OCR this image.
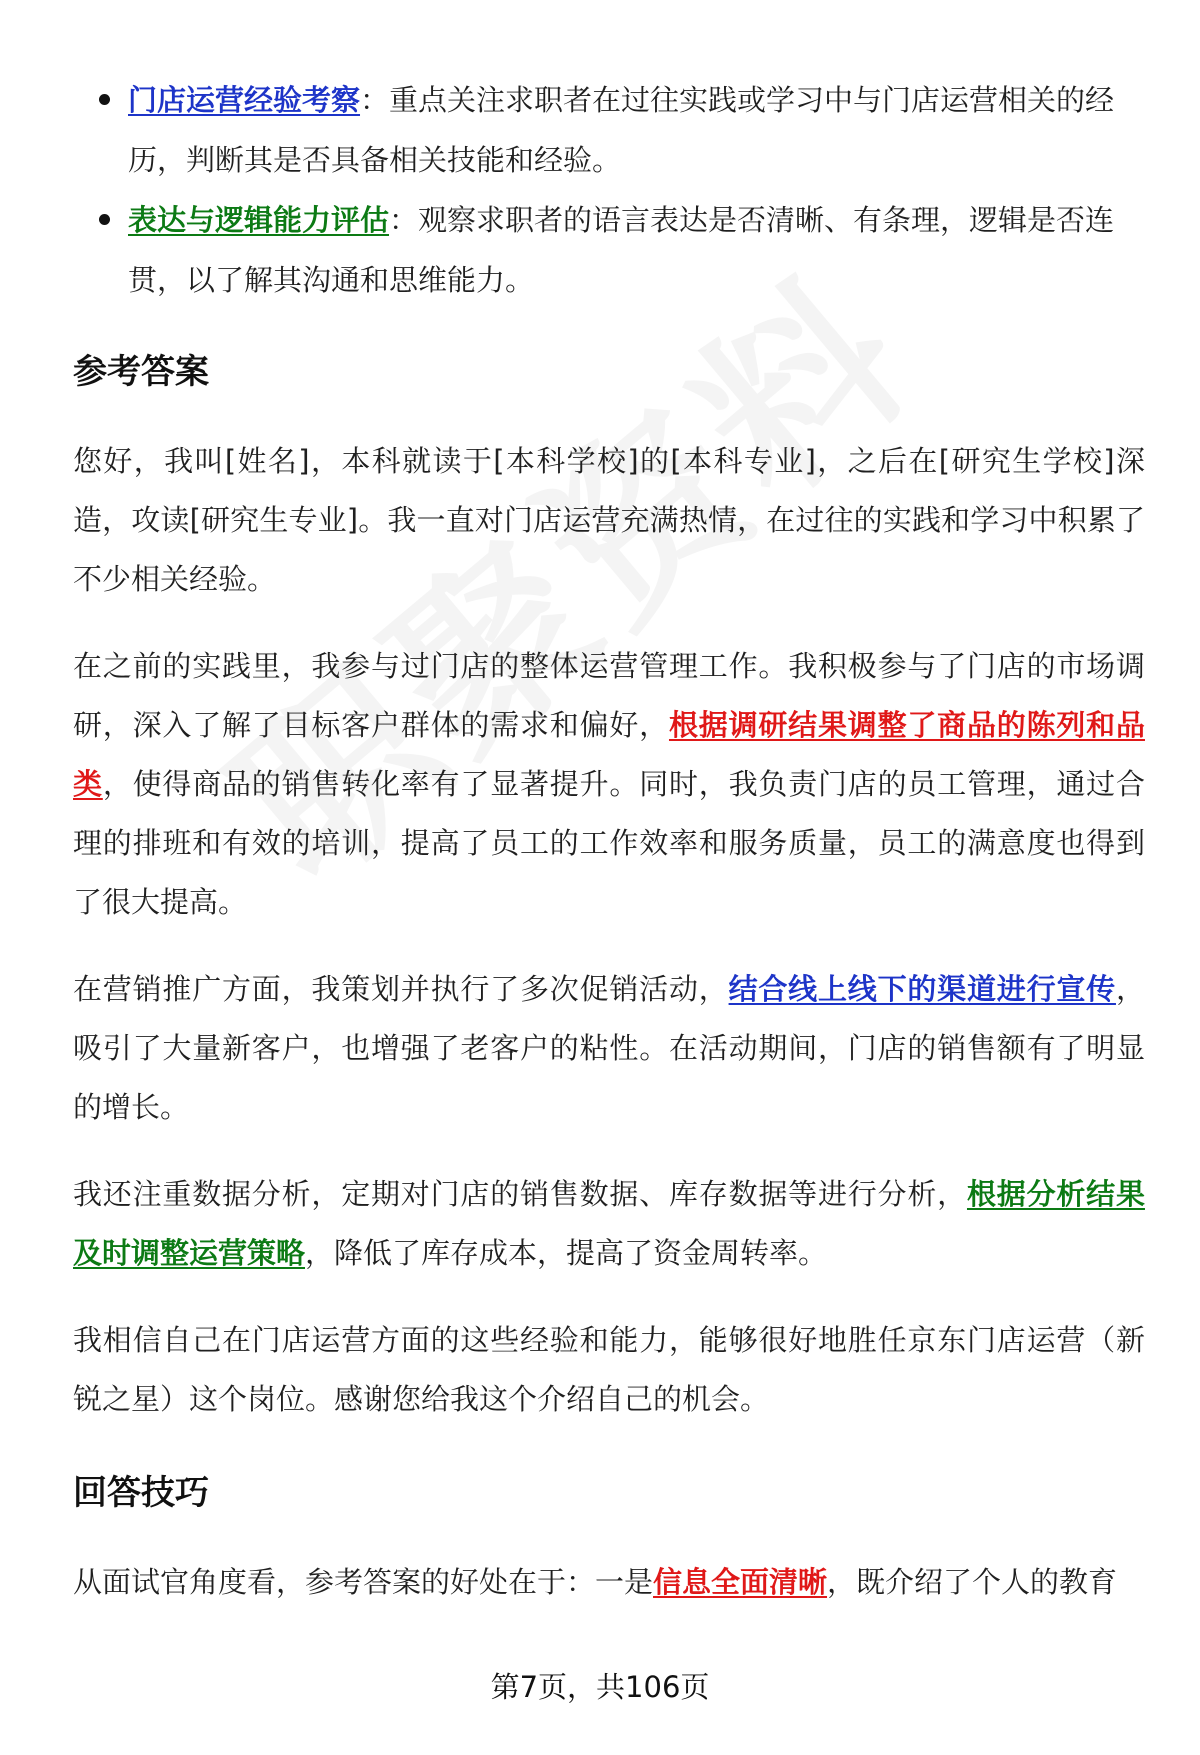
门店运营经验考察：重点关注求职者在过往实践或学习中与门店运营相关的经历，判断其是否具备相关技能和经验。
表达与逻辑能力评估：观察求职者的语言表达是否清晰、有条理，逻辑是否连贯，以了解其沟通和思维能力。
参考答案

您好，我叫[姓名]，本科就读于[本科学校]的[本科专业]，之后在[研究生学校]深造，攻读[研究生专业]。我一直对门店运营充满热情，在过往的实践和学习中积累了不少相关经验。

在之前的实践里，我参与过门店的整体运营管理工作。我积极参与了门店的市场调研，深入了解了目标客户群体的需求和偏好，根据调研结果调整了商品的陈列和品类，使得商品的销售转化率有了显著提升。同时，我负责门店的员工管理，通过合理的排班和有效的培训，提高了员工的工作效率和服务质量，员工的满意度也得到了很大提高。

在营销推广方面，我策划并执行了多次促销活动，结合线上线下的渠道进行宣传，吸引了大量新客户，也增强了老客户的粘性。在活动期间，门店的销售额有了明显的增长。

我还注重数据分析，定期对门店的销售数据、库存数据等进行分析，根据分析结果及时调整运营策略，降低了库存成本，提高了资金周转率。

我相信自己在门店运营方面的这些经验和能力，能够很好地胜任京东门店运营（新锐之星）这个岗位。感谢您给我这个介绍自己的机会。

回答技巧

从面试官角度看，参考答案的好处在于：一是信息全面清晰，既介绍了个人的教育

第7页，共106页
